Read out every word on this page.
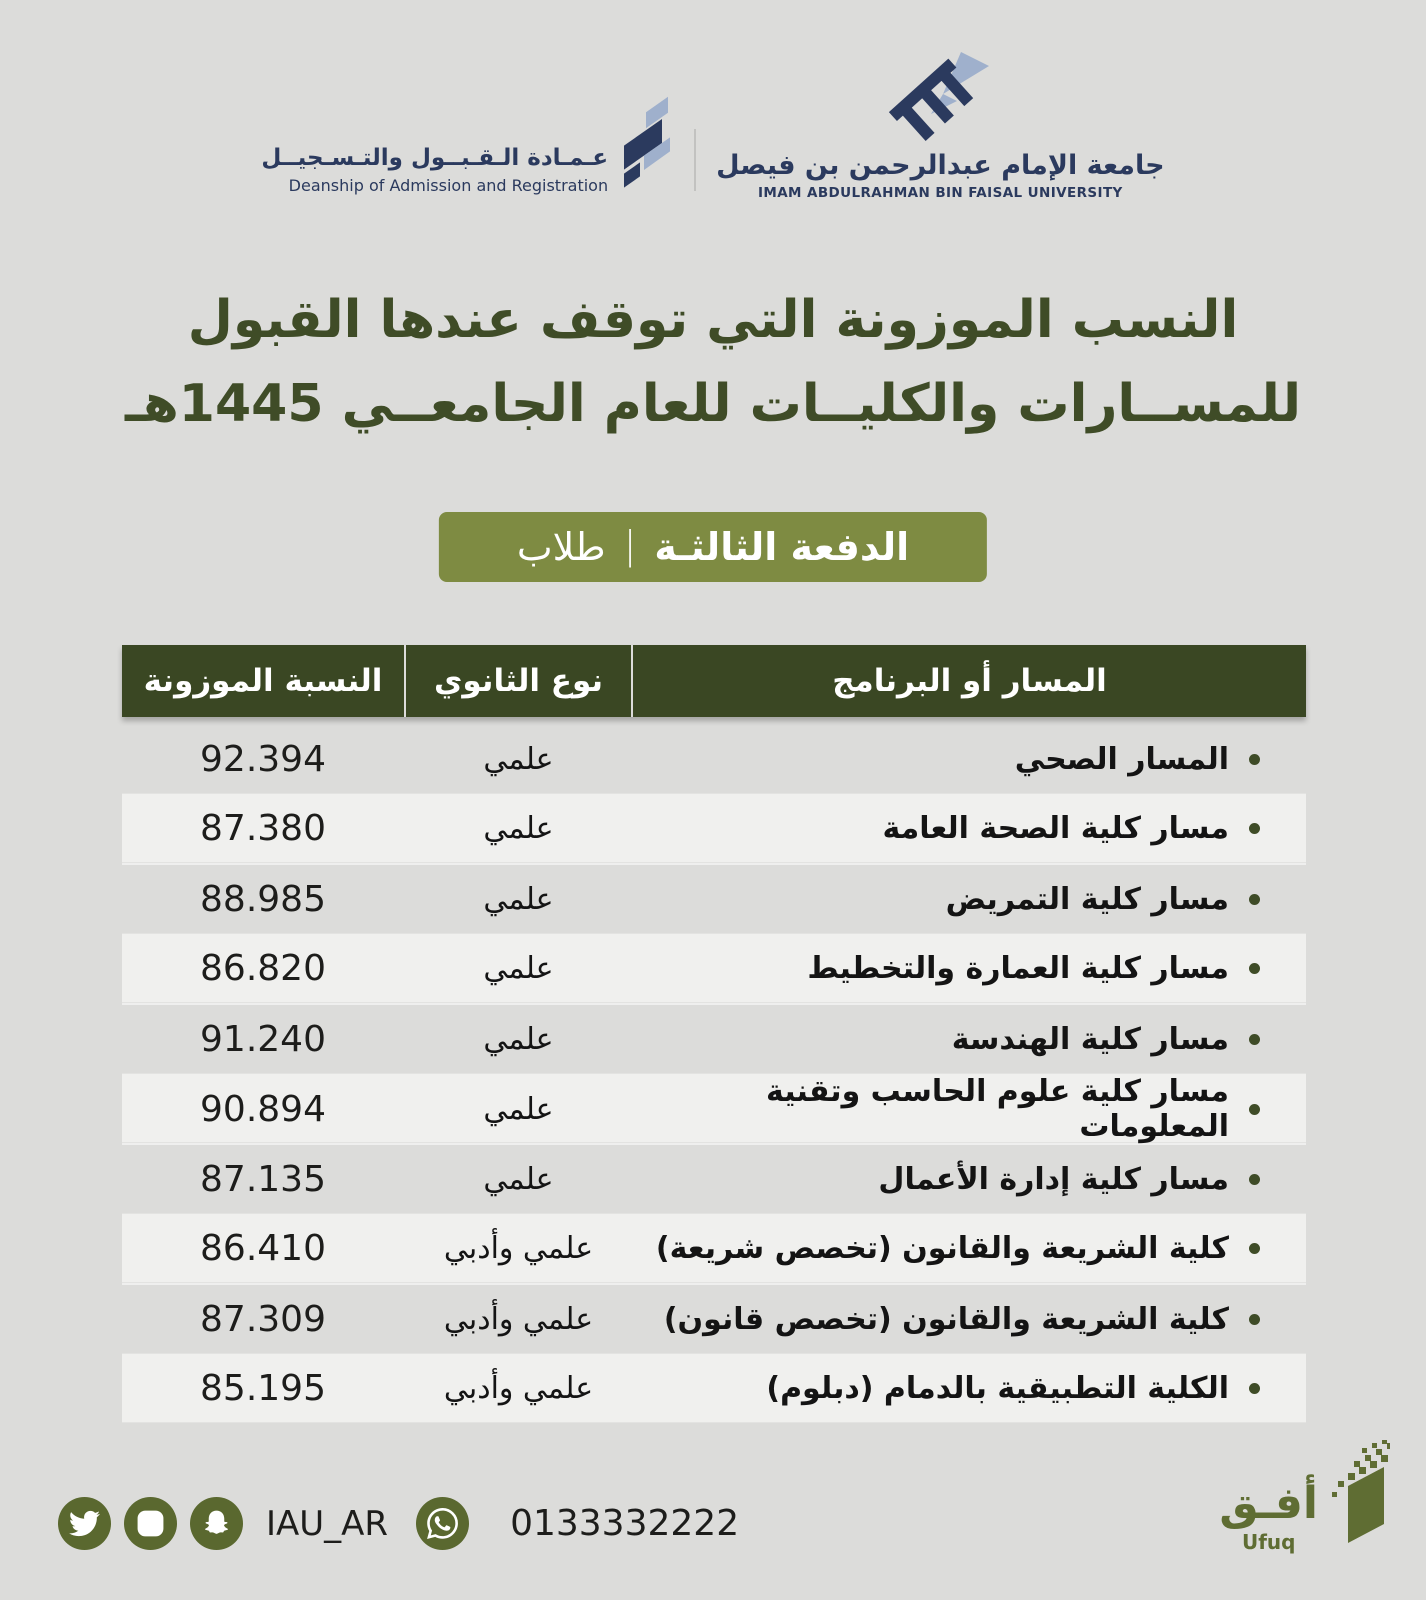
عـمـادة الـقـبــول والتـسـجيــل
Deanship of Admission and Registration
جامعة الإمام عبدالرحمن بن فيصل
IMAM ABDULRAHMAN BIN FAISAL UNIVERSITY
النسب الموزونة التي توقف عندها القبول
للمســارات والكليــات للعام الجامعــي 1445هـ
الدفعة الثالثـة
|
طلاب
النسبة الموزونة	نوع الثانوي	المسار أو البرنامج
92.394	علمي	المسار الصحي
87.380	علمي	مسار كلية الصحة العامة
88.985	علمي	مسار كلية التمريض
86.820	علمي	مسار كلية العمارة والتخطيط
91.240	علمي	مسار كلية الهندسة
90.894	علمي	مسار كلية علوم الحاسب وتقنية المعلومات
87.135	علمي	مسار كلية إدارة الأعمال
86.410	علمي وأدبي	كلية الشريعة والقانون (تخصص شريعة)
87.309	علمي وأدبي	كلية الشريعة والقانون (تخصص قانون)
85.195	علمي وأدبي	الكلية التطبيقية بالدمام (دبلوم)
IAU_AR	0133332222	أفـق
Ufuq
